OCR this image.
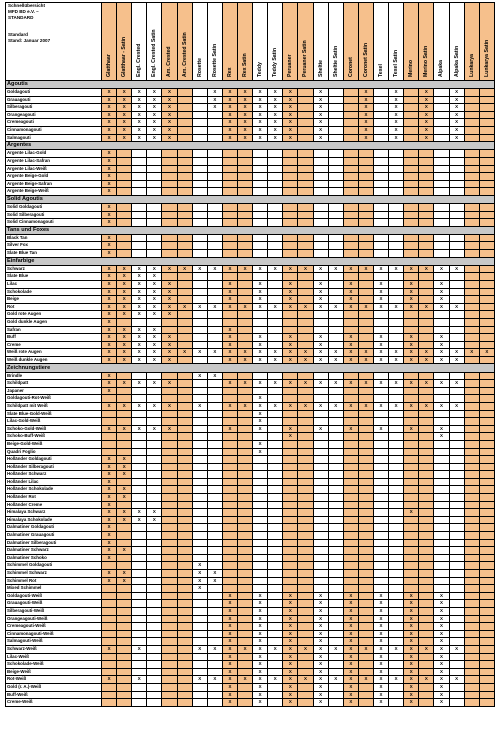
Schnellübersicht
MFD BD e.V. –
STANDARD

Standard
Stand: Januar 2007	Glatthaar	Glatthaar - Satin	Engl. Crested	Engl. Crested Satin	Am. Crested	Am. Crested Satin	Rosette	Rosette Satin	Rex	Rex Satin	Teddy	Teddy Satin	Peruaner	Peruaner Satin	Sheltie	Sheltie Satin	Coronet	Coronet Satin	Texel	Texel Satin	Merino	Merino Satin	Alpaka	Alpaka Satin	Lunkarya	Lunkarya Satin

Agoutis																										
Goldagouti	X	X	X	X	X			X	X	X	X	X	X		X			X		X		X		X		
Grauagouti	X	X	X	X	X			X	X	X	X	X	X		X			X		X		X		X		
Silberagouti	X	X	X	X	X			X	X	X	X	X	X		X			X		X		X		X		
Orangeagouti	X	X	X	X	X				X	X	X	X	X		X			X		X		X		X		
Cremeagouti	X	X	X	X	X				X	X	X	X	X		X			X		X		X		X		
Cinnamonagouti	X	X	X	X	X				X	X	X	X	X		X			X		X		X		X		
Salmagouti	X	X	X	X	X				X	X	X	X	X		X			X		X		X		X		
Argentes																										
Argente Lilac-Gold	X																									
Argente Lilac-Safran	X																									
Argente Lilac-Weiß	X																									
Argente Beige-Gold	X																									
Argente Beige-Safran	X																									
Argente Beige-Weiß	X																									
Solid Agoutis																										
Solid Goldagouti	X																									
Solid Silberagouti	X																									
Solid Cinnamonagouti	X																									
Tans und Foxes																										
Black Tan	X																									
Silver Fox	X																									
Slate Blue Tan	X																									
Einfarbige																										
Schwarz	X	X	X	X	X	X	X	X	X	X	X	X	X	X	X	X	X	X	X	X	X	X	X	X		
Slate Blue	X	X	X	X																						
Lilac	X	X	X	X	X				X		X		X		X		X		X		X		X			
Schokolade	X	X	X	X	X				X		X		X		X		X		X		X		X			
Beige	X	X	X	X	X				X		X		X		X		X		X		X		X			
Rot	X	X	X	X	X	X	X	X	X	X	X	X	X	X	X	X	X	X	X	X	X	X	X	X		
Gold rote Augen	X	X	X	X	X																					
Gold dunkle Augen	X																									
Safran	X	X	X	X					X																	
Buff	X	X	X	X	X				X		X		X		X		X		X		X		X			
Creme	X	X	X	X	X				X		X		X		X		X		X		X		X			
Weiß rote Augen	X	X	X	X	X	X	X	X	X	X	X	X	X	X	X	X	X	X	X	X	X	X	X	X	X	X
Weiß dunkle Augen	X	X	X	X	X				X	X	X	X	X	X	X	X	X	X	X	X	X	X	X	X		
Zeichnungstiere																										
Brindle	X						X	X																		
Schildpatt	X	X	X	X	X				X	X	X	X	X	X	X	X	X	X	X	X	X	X	X	X		
Japaner	X																									
Goldagouti-Rot-Weiß											X															
Schildpatt mit Weiß	X	X	X	X	X		X		X	X	X	X	X	X	X	X	X	X	X	X	X	X	X	X		
Slate Blue-Gold-Weiß											X															
Lilac-Gold-Weiß											X															
Schoko-Gold-Weiß	X	X	X	X	X				X		X		X		X		X		X		X		X			
Schoko-Buff-Weiß													X										X			
Beige-Gold-Weiß											X															
Quadri Foglio											X															
Holländer Goldagouti	X	X																								
Holländer Silberagouti	X	X																								
Holländer Schwarz	X	X																								
Holländer Lilac	X																									
Holländer Schokolade	X	X																								
Holländer Rot	X	X																								
Holländer Creme	X																									
Himalaya Schwarz	X	X	X	X																	X					
Himalaya Schokolade	X	X	X	X																						
Dalmatiner Goldagouti	X																									
Dalmatiner Grauagouti	X																									
Dalmatiner Silberagouti	X																									
Dalmatiner Schwarz	X	X																								
Dalmatiner Schoko	X																									
Schimmel Goldagouti							X																			
Schimmel Schwarz	X	X					X	X																		
Schimmel Rot	X	X					X	X																		
Mixed Schimmel							X																			
Goldagouti-Weiß									X		X		X		X		X		X		X		X			
Grauagouti-Weiß									X		X		X		X		X		X		X		X			
Silberagouti-Weiß									X		X		X		X		X		X		X		X			
Orangeagouti-Weiß									X		X		X		X		X		X		X		X			
Cremeagouti-Weiß									X		X		X		X		X		X		X		X			
Cinnamonagouti-Weiß									X		X		X		X		X		X		X		X			
Salmagouti-Weiß									X		X		X		X		X		X		X		X			
Schwarz-Weiß	X		X				X	X	X	X	X	X	X	X	X	X	X	X	X	X	X	X	X	X		
Lilac-Weiß									X		X		X		X		X		X		X		X			
Schokolade-Weiß									X		X		X		X		X		X		X		X			
Beige-Weiß									X		X		X		X		X		X		X		X			
Rot-Weiß	X		X				X	X	X	X	X	X	X	X	X	X	X	X	X	X	X	X	X	X		
Gold (r. A.)-Weiß									X		X		X		X		X		X		X		X			
Buff-Weiß									X		X		X		X		X		X		X		X			
Creme-Weiß									X		X		X		X		X		X		X		X			
